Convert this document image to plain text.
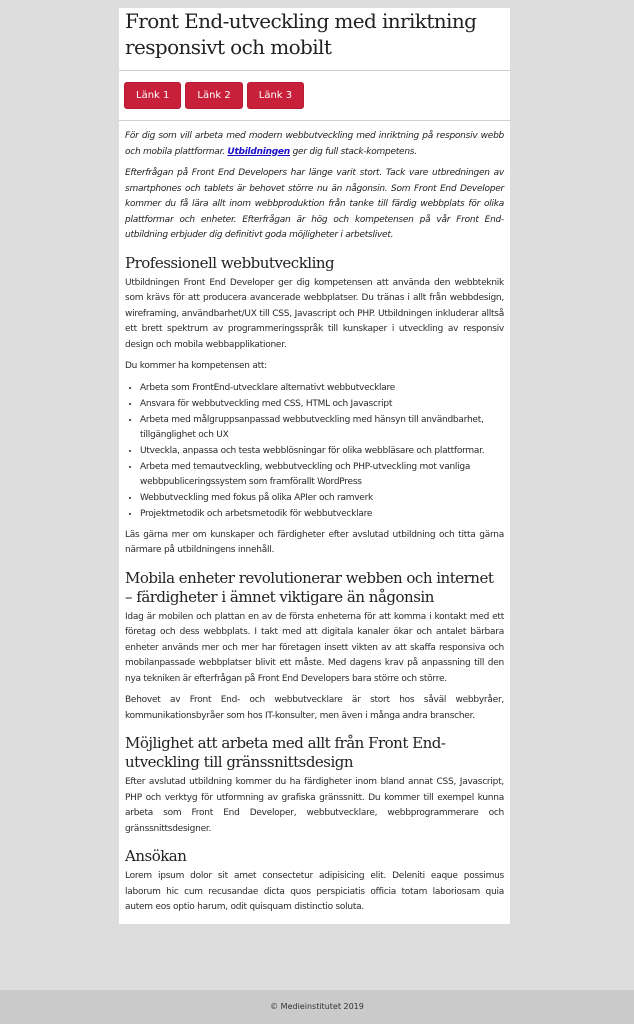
Front End-utveckling med inriktning responsivt och mobilt
Länk 1	Länk 2	Länk 3

För dig som vill arbeta med modern webbutveckling med inriktning på responsiv webb och mobila plattformar. Utbildningen ger dig full stack-kompetens.

Efterfrågan på Front End Developers har länge varit stort. Tack vare utbredningen av smartphones och tablets är behovet större nu än någonsin. Som Front End Developer kommer du få lära allt inom webbproduktion från tanke till färdig webbplats för olika plattformar och enheter. Efterfrågan är hög och kompetensen på vår Front End-utbildning erbjuder dig definitivt goda möjligheter i arbetslivet.

Professionell webbutveckling

Utbildningen Front End Developer ger dig kompetensen att använda den webbteknik som krävs för att producera avancerade webbplatser. Du tränas i allt från webbdesign, wireframing, användbarhet/UX till CSS, Javascript och PHP. Utbildningen inkluderar alltså ett brett spektrum av programmeringsspråk till kunskaper i utveckling av responsiv design och mobila webbapplikationer.

Du kommer ha kompetensen att:

• Arbeta som FrontEnd-utvecklare alternativt webbutvecklare
• Ansvara för webbutveckling med CSS, HTML och Javascript
• Arbeta med målgruppsanpassad webbutveckling med hänsyn till användbarhet, tillgänglighet och UX
• Utveckla, anpassa och testa webblösningar för olika webbläsare och plattformar.
• Arbeta med temautveckling, webbutveckling och PHP-utveckling mot vanliga webbpubliceringssystem som framförallt WordPress
• Webbutveckling med fokus på olika APIer och ramverk
• Projektmetodik och arbetsmetodik för webbutvecklare

Läs gärna mer om kunskaper och färdigheter efter avslutad utbildning och titta gärna närmare på utbildningens innehåll.

Mobila enheter revolutionerar webben och internet – färdigheter i ämnet viktigare än någonsin

Idag är mobilen och plattan en av de första enheterna för att komma i kontakt med ett företag och dess webbplats. I takt med att digitala kanaler ökar och antalet bärbara enheter används mer och mer har företagen insett vikten av att skaffa responsiva och mobilanpassade webbplatser blivit ett måste. Med dagens krav på anpassning till den nya tekniken är efterfrågan på Front End Developers bara större och större.

Behovet av Front End- och webbutvecklare är stort hos såväl webbyråer, kommunikationsbyråer som hos IT-konsulter, men även i många andra branscher.

Möjlighet att arbeta med allt från Front End-utveckling till gränssnittsdesign

Efter avslutad utbildning kommer du ha färdigheter inom bland annat CSS, Javascript, PHP och verktyg för utformning av grafiska gränssnitt. Du kommer till exempel kunna arbeta som Front End Developer, webbutvecklare, webbprogrammerare och gränssnittsdesigner.

Ansökan

Lorem ipsum dolor sit amet consectetur adipisicing elit. Deleniti eaque possimus laborum hic cum recusandae dicta quos perspiciatis officia totam laboriosam quia autem eos optio harum, odit quisquam distinctio soluta.

© Medieinstitutet 2019
